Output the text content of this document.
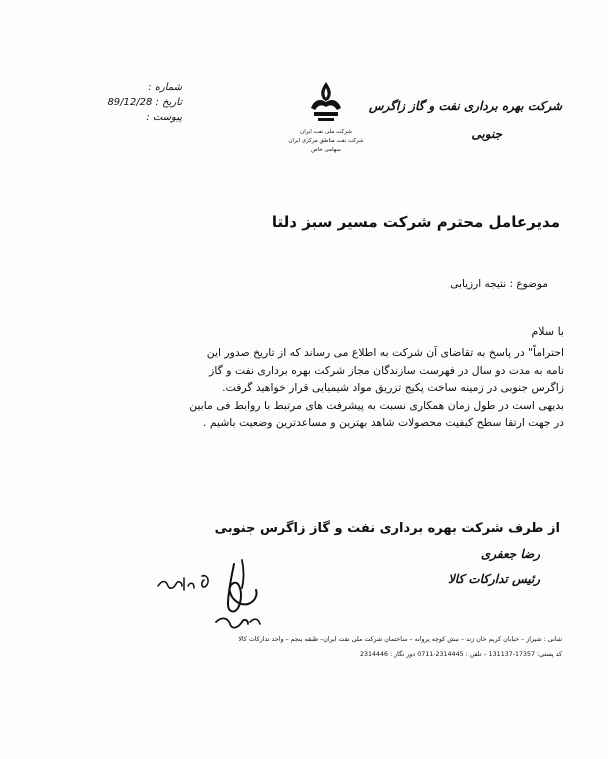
شرکت بهره برداری نفت و گاز زاگرس
جنوبی
شرکت ملی نفت ایران
شرکت نفت مناطق مرکزی ایران
سهامی خاص
شماره :
تاریخ : 89/12/28
پیوست :
مدیرعامل محترم شرکت مسیر سبز دلتا
موضوع : نتیجه ارزیابی
با سلام
احتراماً" در پاسخ به تقاضای آن شرکت به اطلاع می رساند که از تاریخ صدور این
نامه به مدت دو سال در فهرست سازندگان مجاز شرکت بهره برداری نفت و گاز
زاگرس جنوبی در زمینه ساخت پکیج تزریق مواد شیمیایی قرار خواهید گرفت.
بدیهی است در طول زمان همکاری نسبت به پیشرفت های مرتبط با روابط فی مابین
در جهت ارتقا سطح کیفیت محصولات شاهد بهترین و مساعدترین وضعیت باشیم .
از طرف شرکت بهره برداری نفت و گاز زاگرس جنوبی
رضا جعفری
رئیس تدارکات کالا
شانی : شیراز – خیابان کریم خان زند – نبش کوچه پروانه – ساختمان شرکت ملی نفت ایران– طبقه پنجم – واحد تدارکات کالا
کد پستی: 17357-131137 – تلفن : 2314445-0711 دور نگار : 2314446
